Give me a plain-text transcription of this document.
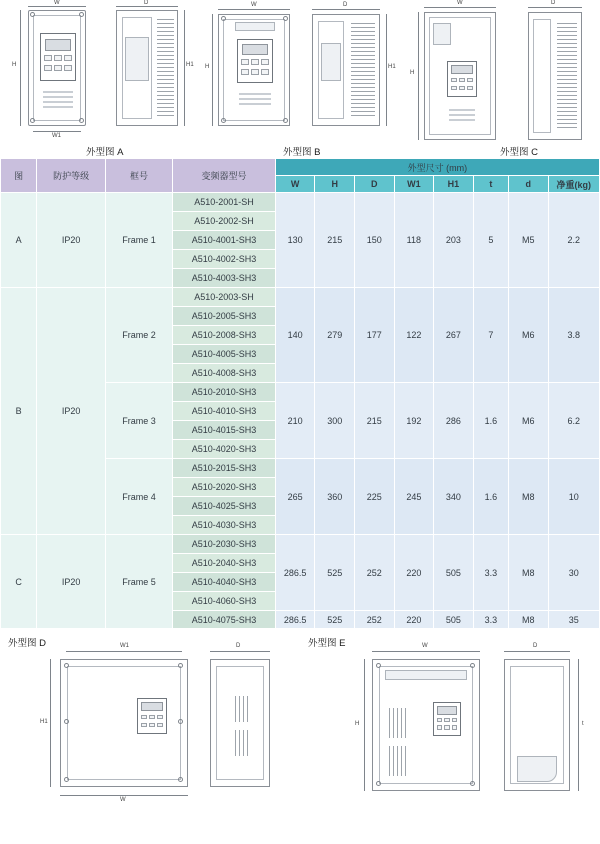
W
H
W1
D
H1
外型图 A
W
H
D
H1
外型图 B
W
H
D
外型图 C
图	防护等级	框号	变频器型号	外型尺寸 (mm)							
				W	H	D	W1	H1	t	d	净重(kg)
A	IP20	Frame 1	A510-2001-SH	130	215	150	118	203	5	M5	2.2
			A510-2002-SH								
			A510-4001-SH3								
			A510-4002-SH3								
			A510-4003-SH3								
B	IP20	Frame 2	A510-2003-SH	140	279	177	122	267	7	M6	3.8
			A510-2005-SH3								
			A510-2008-SH3								
			A510-4005-SH3								
			A510-4008-SH3								
		Frame 3	A510-2010-SH3	210	300	215	192	286	1.6	M6	6.2
			A510-4010-SH3								
			A510-4015-SH3								
			A510-4020-SH3								
		Frame 4	A510-2015-SH3	265	360	225	245	340	1.6	M8	10
			A510-2020-SH3								
			A510-4025-SH3								
			A510-4030-SH3								
C	IP20	Frame 5	A510-2030-SH3	286.5	525	252	220	505	3.3	M8	30
			A510-2040-SH3								
			A510-4040-SH3								
			A510-4060-SH3								
			A510-4075-SH3	286.5	525	252	220	505	3.3	M8	35
外型图 D	外型图 E
W1
H1
W
D	W
H
D
t
